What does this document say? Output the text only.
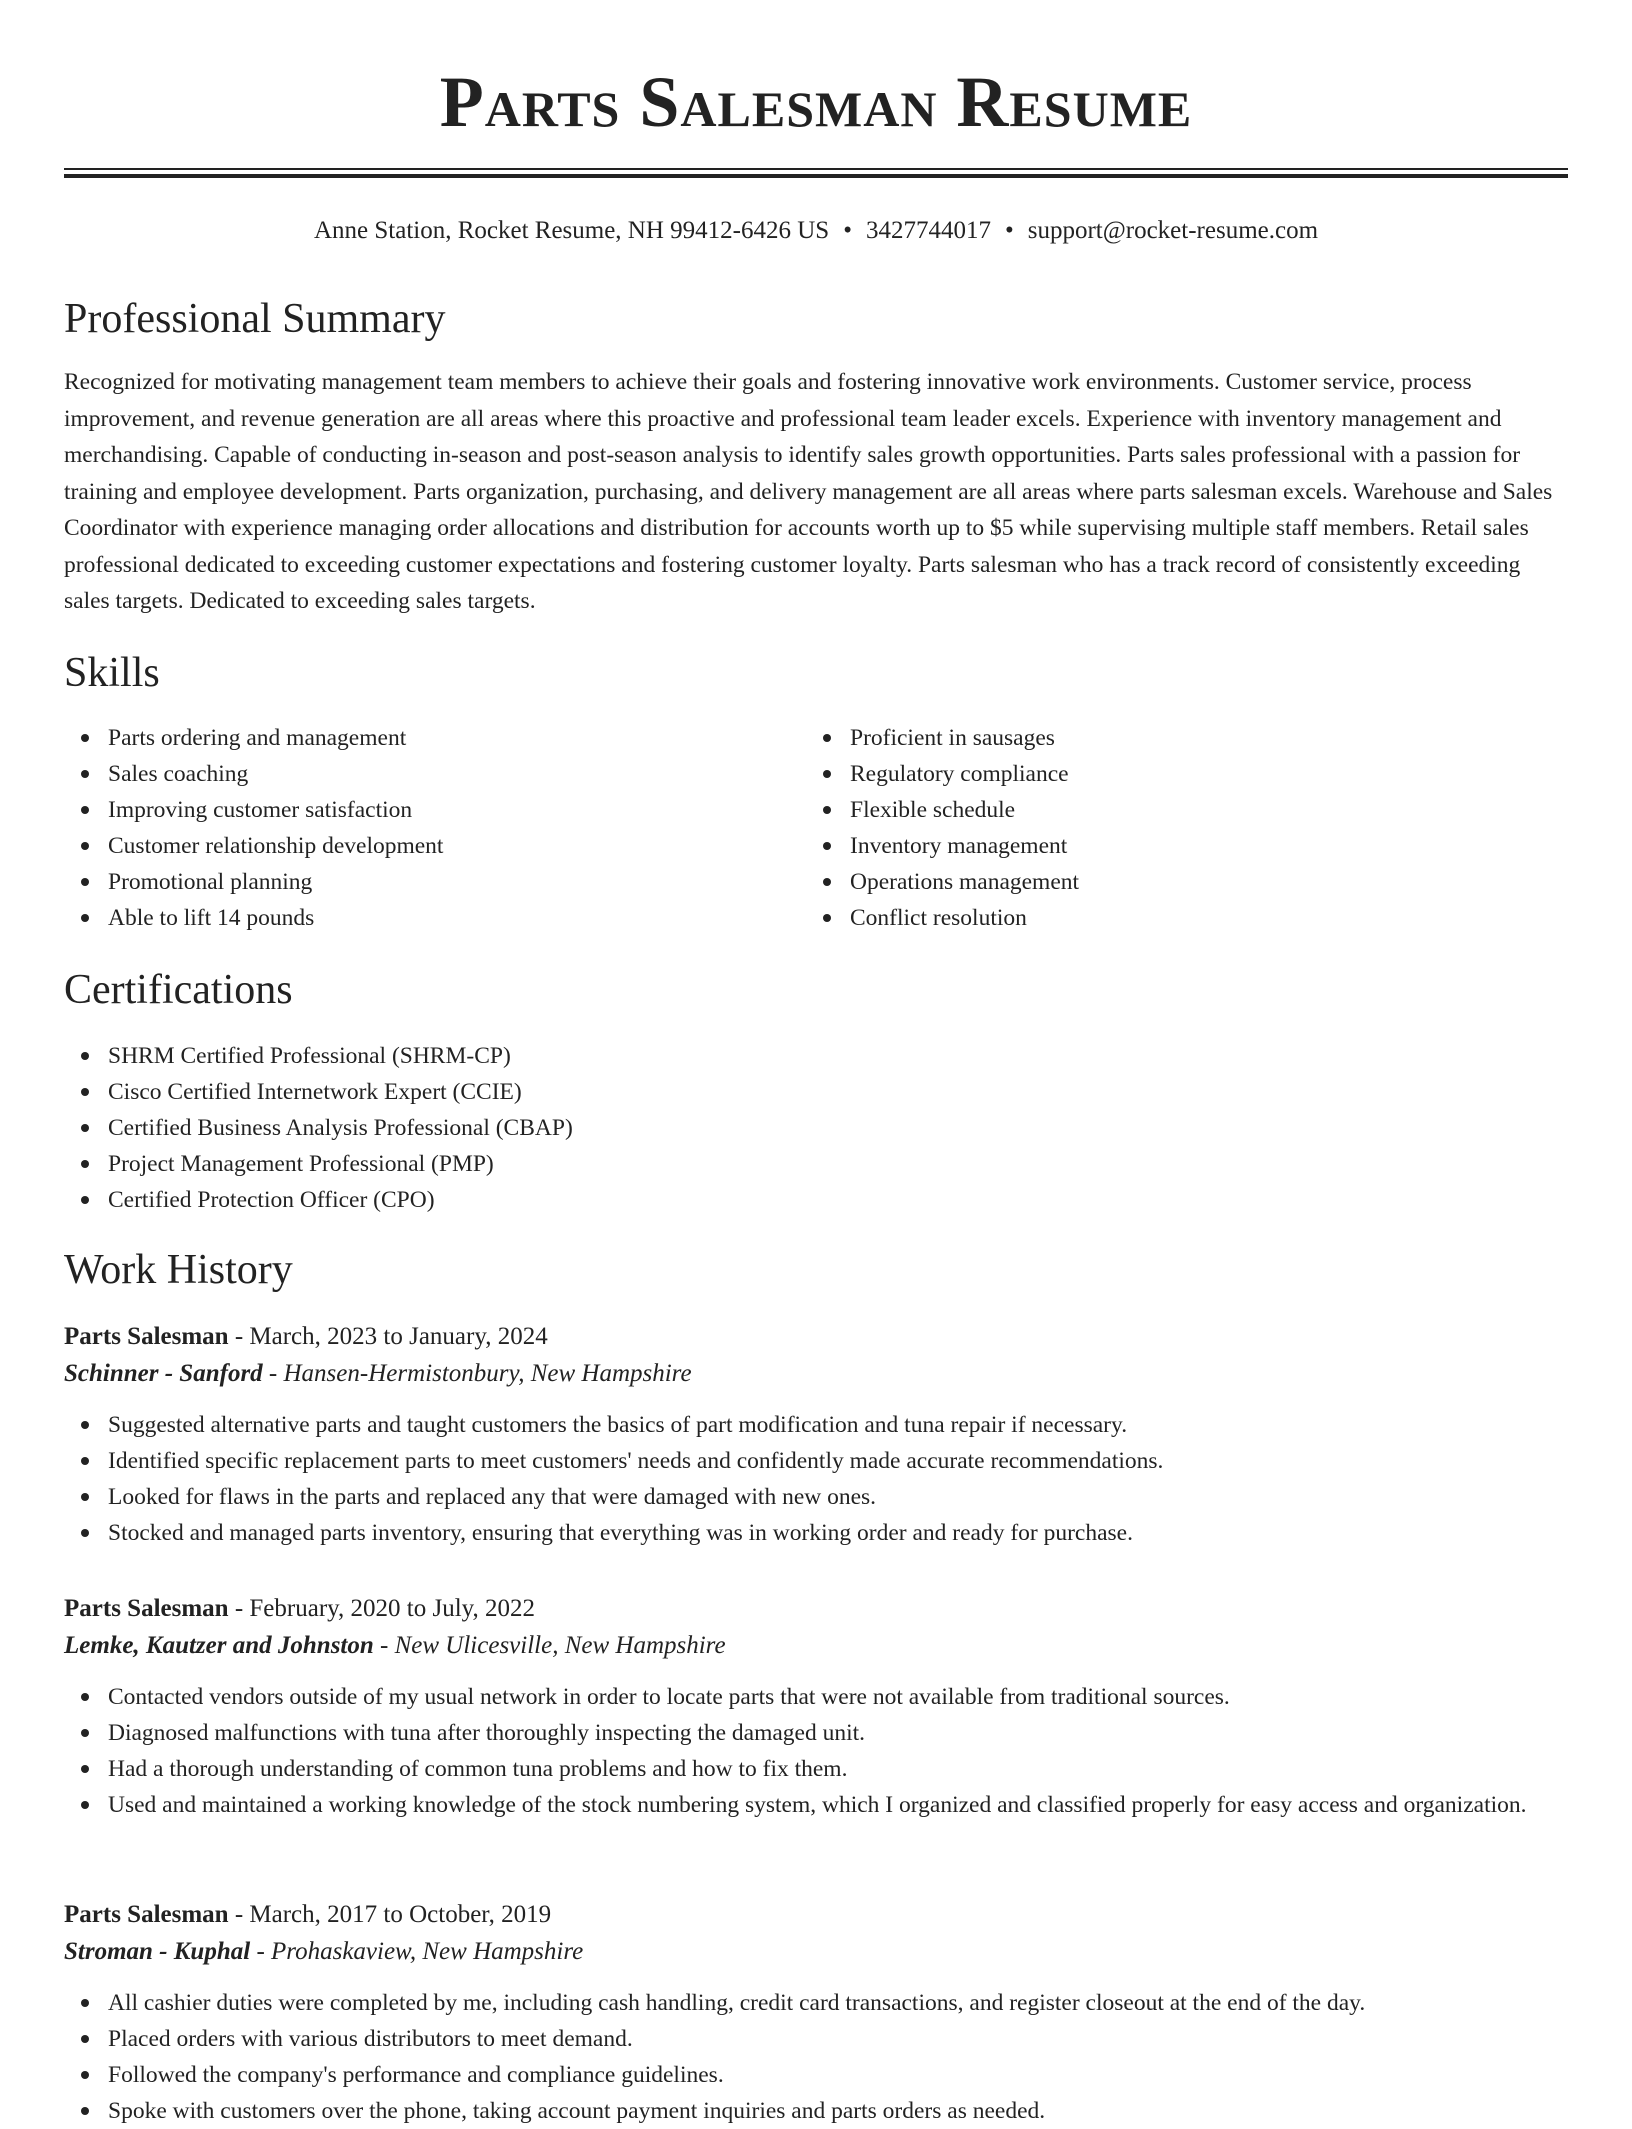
Parts Salesman Resume
Anne Station, Rocket Resume, NH 99412-6426 US • 3427744017 • support@rocket-resume.com
Professional Summary

Recognized for motivating management team members to achieve their goals and fostering innovative work environments. Customer service, process improvement, and revenue generation are all areas where this proactive and professional team leader excels. Experience with inventory management and merchandising. Capable of conducting in-season and post-season analysis to identify sales growth opportunities. Parts sales professional with a passion for training and employee development. Parts organization, purchasing, and delivery management are all areas where parts salesman excels. Warehouse and Sales Coordinator with experience managing order allocations and distribution for accounts worth up to $5 while supervising multiple staff members. Retail sales professional dedicated to exceeding customer expectations and fostering customer loyalty. Parts salesman who has a track record of consistently exceeding sales targets. Dedicated to exceeding sales targets.

Skills
Parts ordering and management
Sales coaching
Improving customer satisfaction
Customer relationship development
Promotional planning
Able to lift 14 pounds
Proficient in sausages
Regulatory compliance
Flexible schedule
Inventory management
Operations management
Conflict resolution
Certifications
SHRM Certified Professional (SHRM-CP)
Cisco Certified Internetwork Expert (CCIE)
Certified Business Analysis Professional (CBAP)
Project Management Professional (PMP)
Certified Protection Officer (CPO)
Work History
Parts Salesman - March, 2023 to January, 2024
Schinner - Sanford - Hansen-Hermistonbury, New Hampshire
Suggested alternative parts and taught customers the basics of part modification and tuna repair if necessary.
Identified specific replacement parts to meet customers' needs and confidently made accurate recommendations.
Looked for flaws in the parts and replaced any that were damaged with new ones.
Stocked and managed parts inventory, ensuring that everything was in working order and ready for purchase.
Parts Salesman - February, 2020 to July, 2022
Lemke, Kautzer and Johnston - New Ulicesville, New Hampshire
Contacted vendors outside of my usual network in order to locate parts that were not available from traditional sources.
Diagnosed malfunctions with tuna after thoroughly inspecting the damaged unit.
Had a thorough understanding of common tuna problems and how to fix them.
Used and maintained a working knowledge of the stock numbering system, which I organized and classified properly for easy access and organization.
Parts Salesman - March, 2017 to October, 2019
Stroman - Kuphal - Prohaskaview, New Hampshire
All cashier duties were completed by me, including cash handling, credit card transactions, and register closeout at the end of the day.
Placed orders with various distributors to meet demand.
Followed the company's performance and compliance guidelines.
Spoke with customers over the phone, taking account payment inquiries and parts orders as needed.
